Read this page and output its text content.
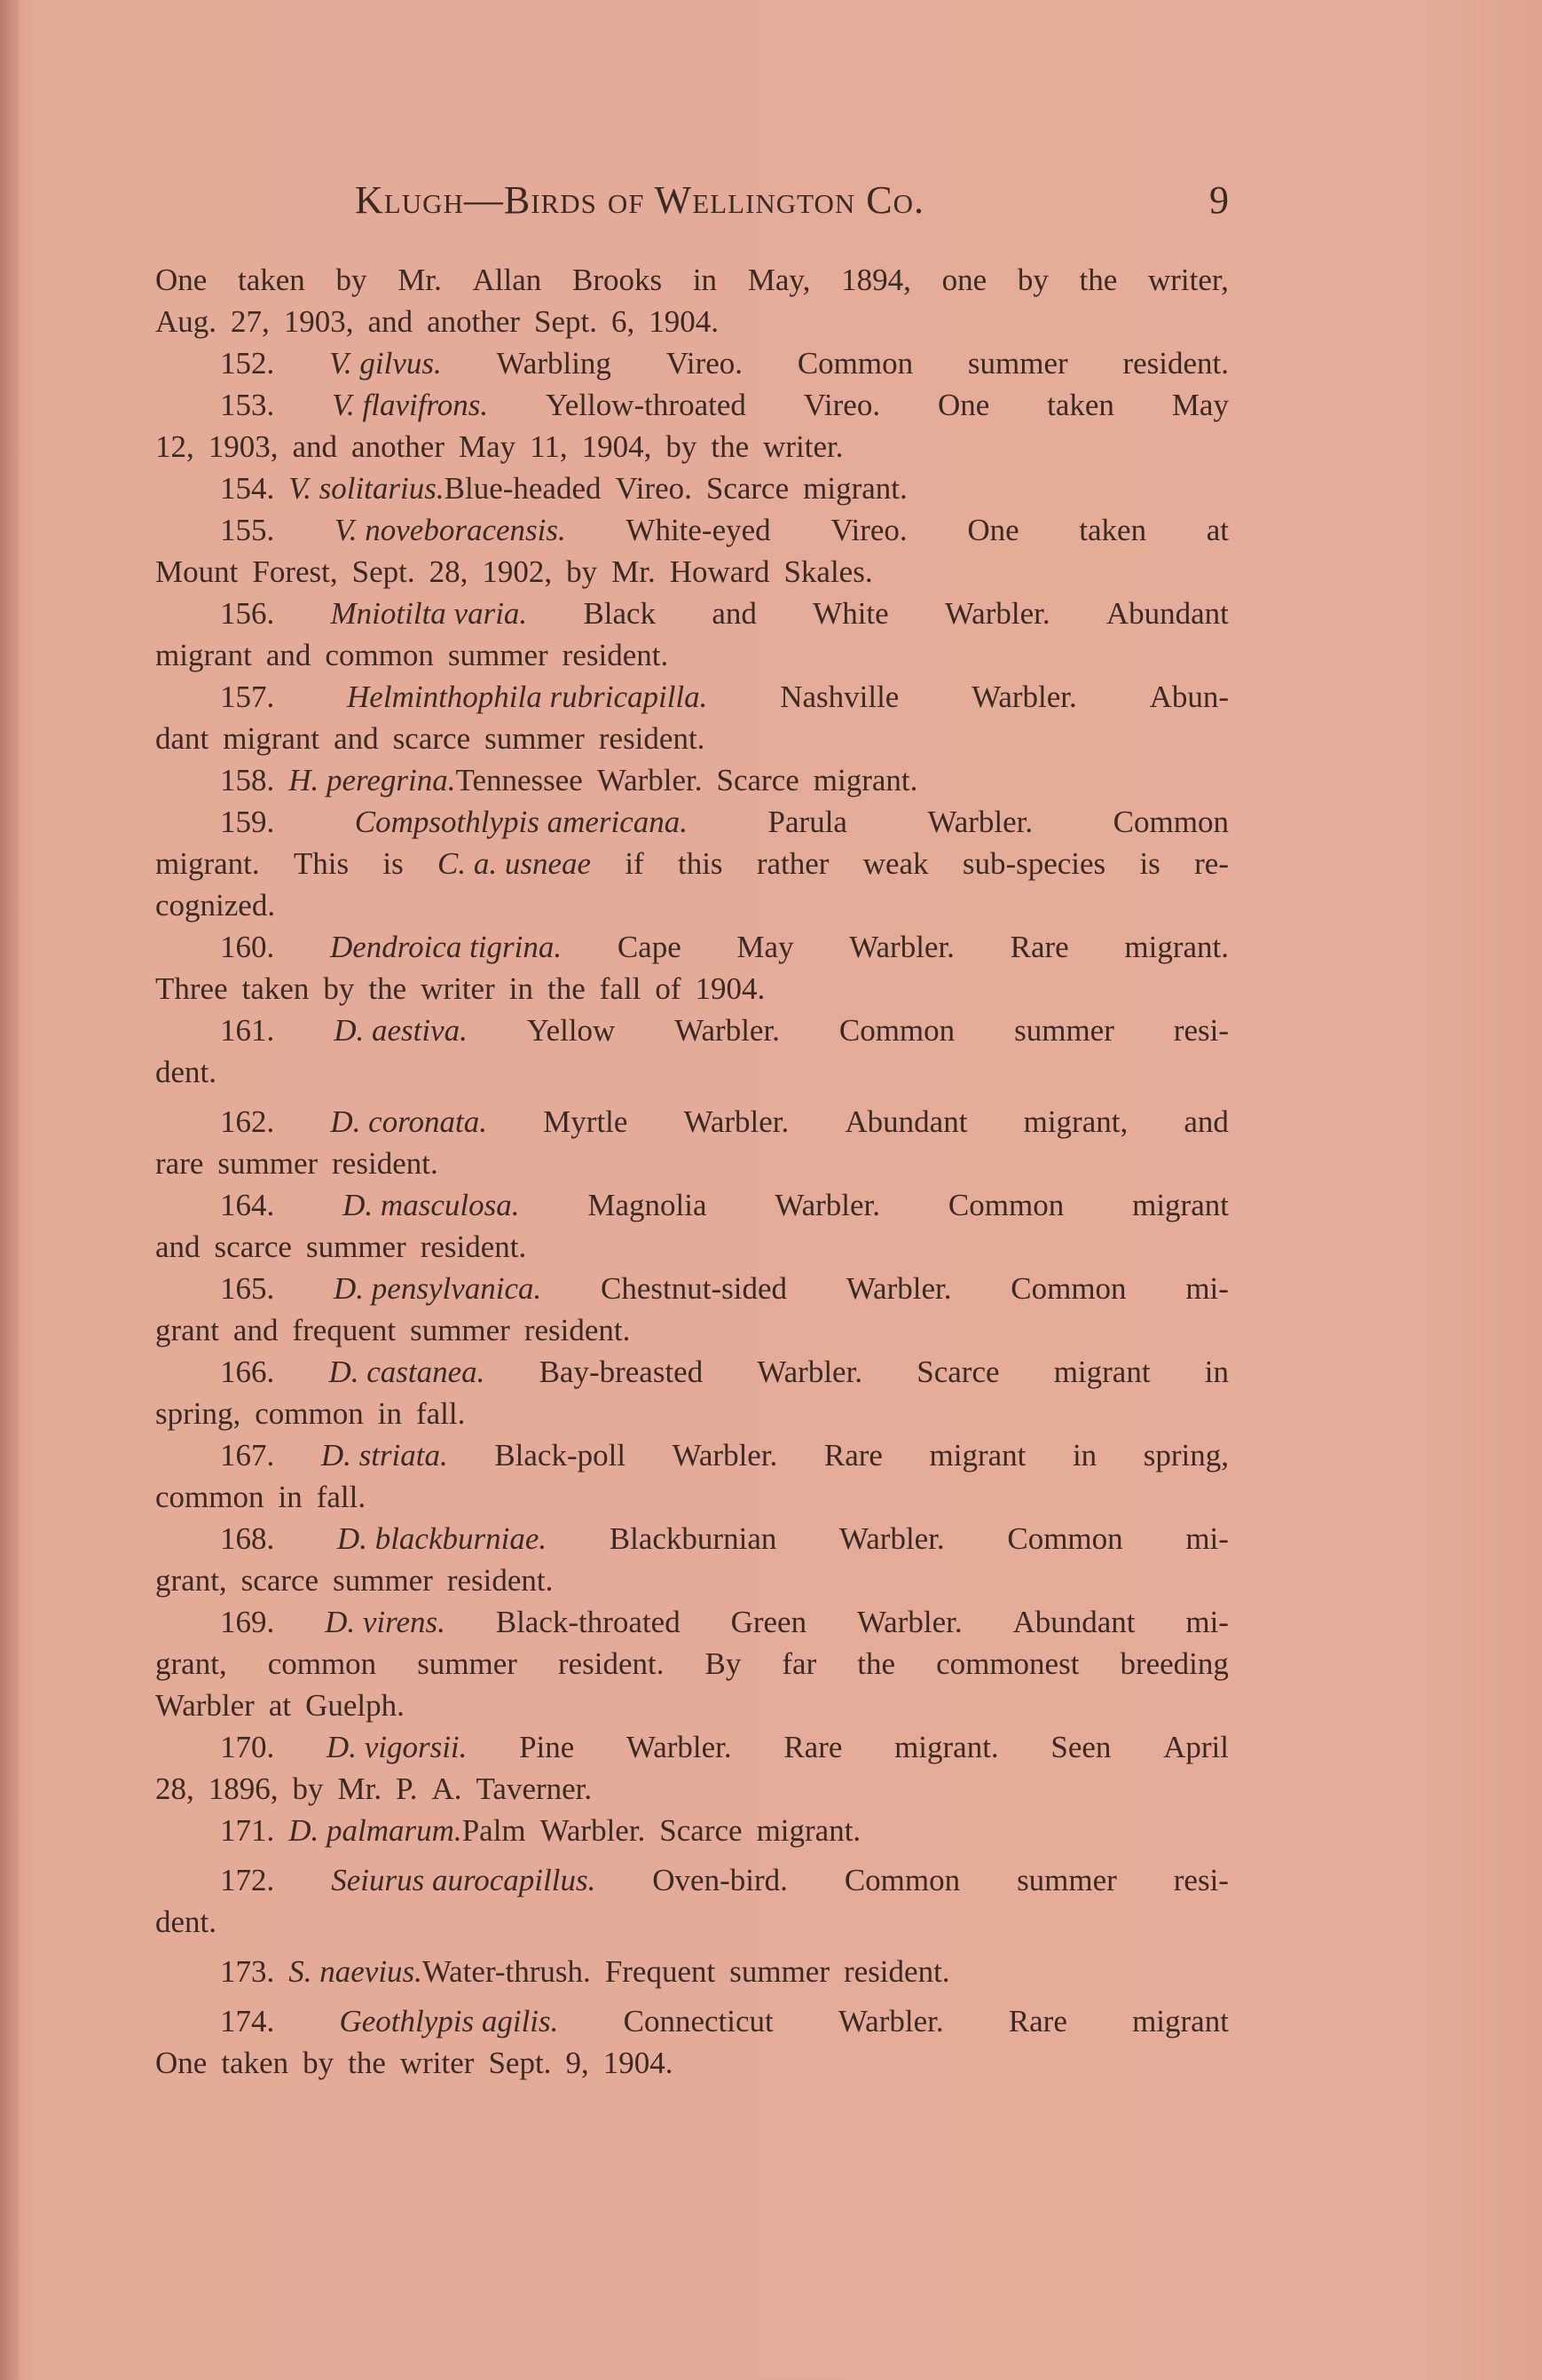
Klugh—Birds of Wellington Co.	9
One taken by Mr. Allan Brooks in May, 1894, one by the writer,
Aug. 27, 1903, and another Sept. 6, 1904.
152. V. gilvus. Warbling Vireo. Common summer resident.
153. V. flavifrons. Yellow-throated Vireo. One taken May
12, 1903, and another May 11, 1904, by the writer.
154. V. solitarius. Blue-headed Vireo. Scarce migrant.
155. V. noveboracensis. White-eyed Vireo. One taken at
Mount Forest, Sept. 28, 1902, by Mr. Howard Skales.
156. Mniotilta varia. Black and White Warbler. Abundant
migrant and common summer resident.
157. Helminthophila rubricapilla. Nashville Warbler. Abun-
dant migrant and scarce summer resident.
158. H. peregrina. Tennessee Warbler. Scarce migrant.
159.	Compsothlypis americana.	Parula	Warbler.	Common
migrant. This is C. a. usneae if this rather weak sub-species is re-
cognized.
160. Dendroica tigrina. Cape May Warbler. Rare migrant.
Three taken by the writer in the fall of 1904.
161. D. aestiva. Yellow Warbler. Common summer resi-
dent.
162. D. coronata. Myrtle Warbler. Abundant migrant, and
rare summer resident.
164. D. masculosa. Magnolia Warbler. Common migrant
and scarce summer resident.
165. D. pensylvanica. Chestnut-sided Warbler. Common mi-
grant and frequent summer resident.
166. D. castanea. Bay-breasted Warbler. Scarce migrant in
spring, common in fall.
167. D. striata. Black-poll Warbler. Rare migrant in spring,
common in fall.
168. D. blackburniae. Blackburnian Warbler. Common mi-
grant, scarce summer resident.
169. D. virens. Black-throated Green Warbler. Abundant mi-
grant, common summer resident. By far the commonest breeding
Warbler at Guelph.
170. D. vigorsii. Pine Warbler. Rare migrant. Seen April
28, 1896, by Mr. P. A. Taverner.
171. D. palmarum. Palm Warbler. Scarce migrant.
172. Seiurus aurocapillus. Oven-bird. Common summer resi-
dent.
173. S. naevius. Water-thrush. Frequent summer resident.
174. Geothlypis agilis. Connecticut Warbler. Rare migrant
One taken by the writer Sept. 9, 1904.
